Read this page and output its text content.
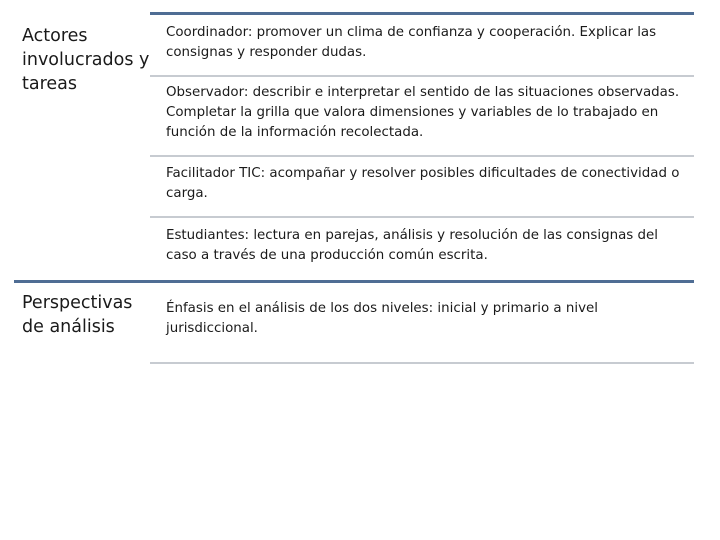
Actores involucrados y tareas
Coordinador: promover un clima de confianza y cooperación. Explicar las consignas y responder dudas.
Observador: describir e interpretar el sentido de las situaciones observadas. Completar la grilla que valora dimensiones y variables de lo trabajado en función de la información recolectada.
Facilitador TIC: acompañar y resolver posibles dificultades de conectividad o carga.
Estudiantes: lectura en parejas, análisis y resolución de las consignas del caso a través de una producción común escrita.
Perspectivas de análisis
Énfasis en el análisis de los dos niveles: inicial y primario a nivel jurisdiccional.
